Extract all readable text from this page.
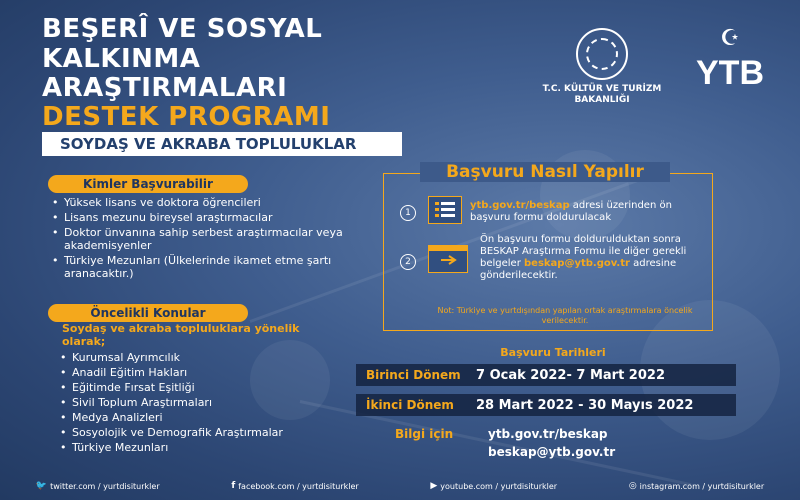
BEŞERÎ VE SOSYAL
KALKINMA
ARAŞTIRMALARI
DESTEK PROGRAMI
SOYDAŞ VE AKRABA TOPLULUKLAR
T.C. KÜLTÜR VE TURİZM
BAKANLIĞI
☪
YTB
Kimler Başvurabilir
• Yüksek lisans ve doktora öğrencileri
• Lisans mezunu bireysel araştırmacılar
• Doktor ünvanına sahip serbest araştırmacılar veya akademisyenler
• Türkiye Mezunları (Ülkelerinde ikamet etme şartı aranacaktır.)
Öncelikli Konular
Soydaş ve akraba topluluklara yönelik olarak;
• Kurumsal Ayrımcılık
• Anadil Eğitim Hakları
• Eğitimde Fırsat Eşitliği
• Sivil Toplum Araştırmaları
• Medya Analizleri
• Sosyolojik ve Demografik Araştırmalar
• Türkiye Mezunları
Başvuru Nasıl Yapılır
1
ytb.gov.tr/beskap adresi üzerinden ön başvuru formu doldurulacak
2
Ön başvuru formu doldurulduktan sonra BESKAP Araştırma Formu ile diğer gerekli belgeler beskap@ytb.gov.tr adresine gönderilecektir.
Not: Türkiye ve yurtdışından yapılan ortak araştırmalara öncelik verilecektir.
Başvuru Tarihleri
Birinci Dönem	7 Ocak 2022- 7 Mart 2022
İkinci Dönem	28 Mart 2022 - 30 Mayıs 2022
Bilgi için	ytb.gov.tr/beskap
beskap@ytb.gov.tr
🐦 twitter.com / yurtdisiturkler	f facebook.com / yurtdisiturkler	▶ youtube.com / yurtdisiturkler	◎ instagram.com / yurtdisiturkler
